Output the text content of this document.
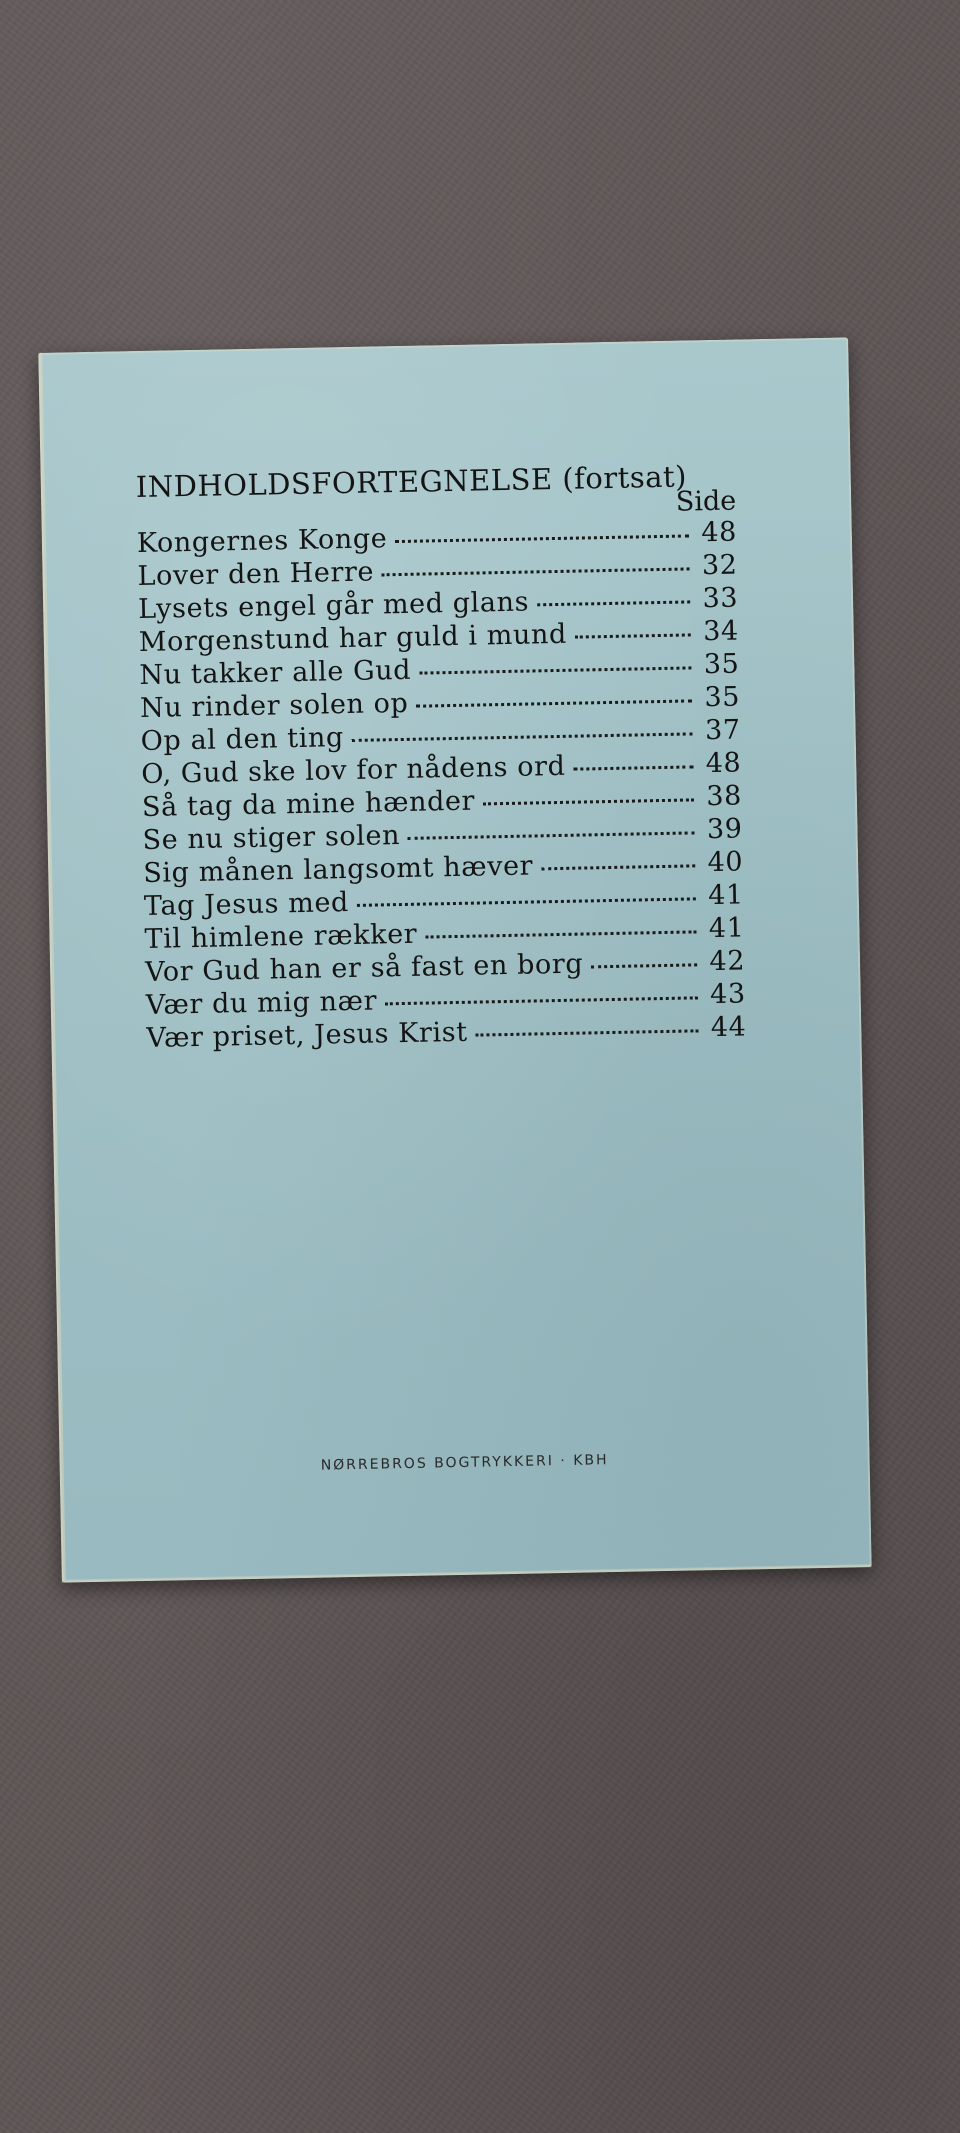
INDHOLDSFORTEGNELSE (fortsat)
Side
Kongernes Konge	48
Lover den Herre	32
Lysets engel går med glans	33
Morgenstund har guld i mund	34
Nu takker alle Gud	35
Nu rinder solen op	35
Op al den ting	37
O, Gud ske lov for nådens ord	48
Så tag da mine hænder	38
Se nu stiger solen	39
Sig månen langsomt hæver	40
Tag Jesus med	41
Til himlene rækker	41
Vor Gud han er så fast en borg	42
Vær du mig nær	43
Vær priset, Jesus Krist	44
NØRREBROS BOGTRYKKERI · KBH
